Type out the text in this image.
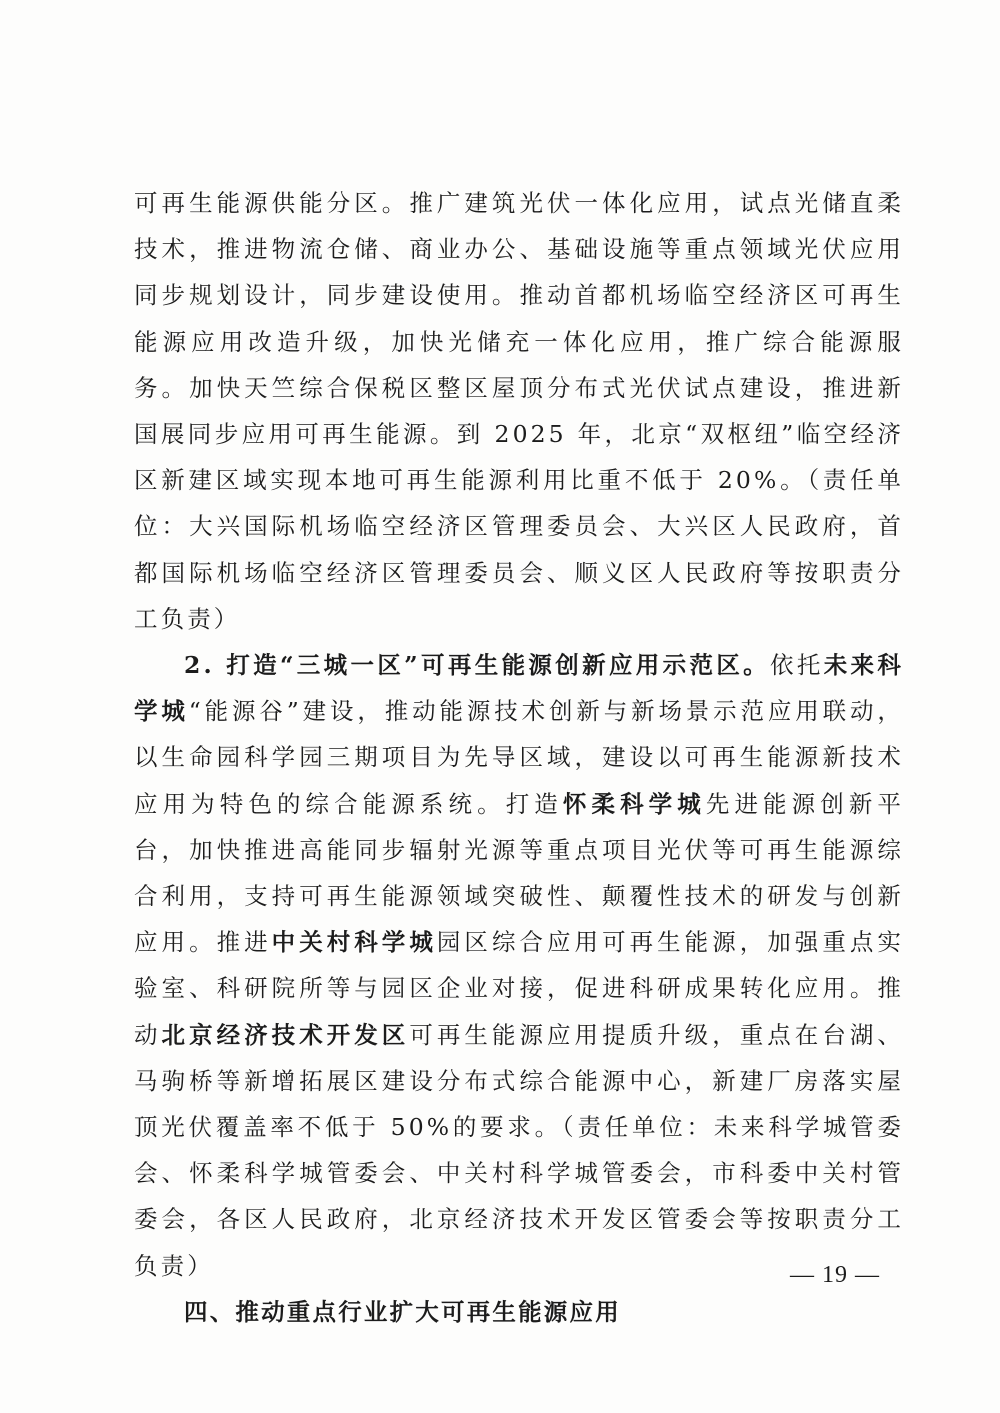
可再生能源供能分区。推广建筑光伏一体化应用，试点光储直柔技术，推进物流仓储、商业办公、基础设施等重点领域光伏应用同步规划设计，同步建设使用。推动首都机场临空经济区可再生能源应用改造升级，加快光储充一体化应用，推广综合能源服务。加快天竺综合保税区整区屋顶分布式光伏试点建设，推进新国展同步应用可再生能源。到 2025 年，北京“双枢纽”临空经济区新建区域实现本地可再生能源利用比重不低于 20%。（责任单位：大兴国际机场临空经济区管理委员会、大兴区人民政府，首都国际机场临空经济区管理委员会、顺义区人民政府等按职责分工负责）

2. 打造“三城一区”可再生能源创新应用示范区。依托未来科学城“能源谷”建设，推动能源技术创新与新场景示范应用联动，以生命园科学园三期项目为先导区域，建设以可再生能源新技术应用为特色的综合能源系统。打造怀柔科学城先进能源创新平台，加快推进高能同步辐射光源等重点项目光伏等可再生能源综合利用，支持可再生能源领域突破性、颠覆性技术的研发与创新应用。推进中关村科学城园区综合应用可再生能源，加强重点实验室、科研院所等与园区企业对接，促进科研成果转化应用。推动北京经济技术开发区可再生能源应用提质升级，重点在台湖、马驹桥等新增拓展区建设分布式综合能源中心，新建厂房落实屋顶光伏覆盖率不低于 50%的要求。（责任单位：未来科学城管委会、怀柔科学城管委会、中关村科学城管委会，市科委中关村管委会，各区人民政府，北京经济技术开发区管委会等按职责分工负责）

四、推动重点行业扩大可再生能源应用

— 19 —
